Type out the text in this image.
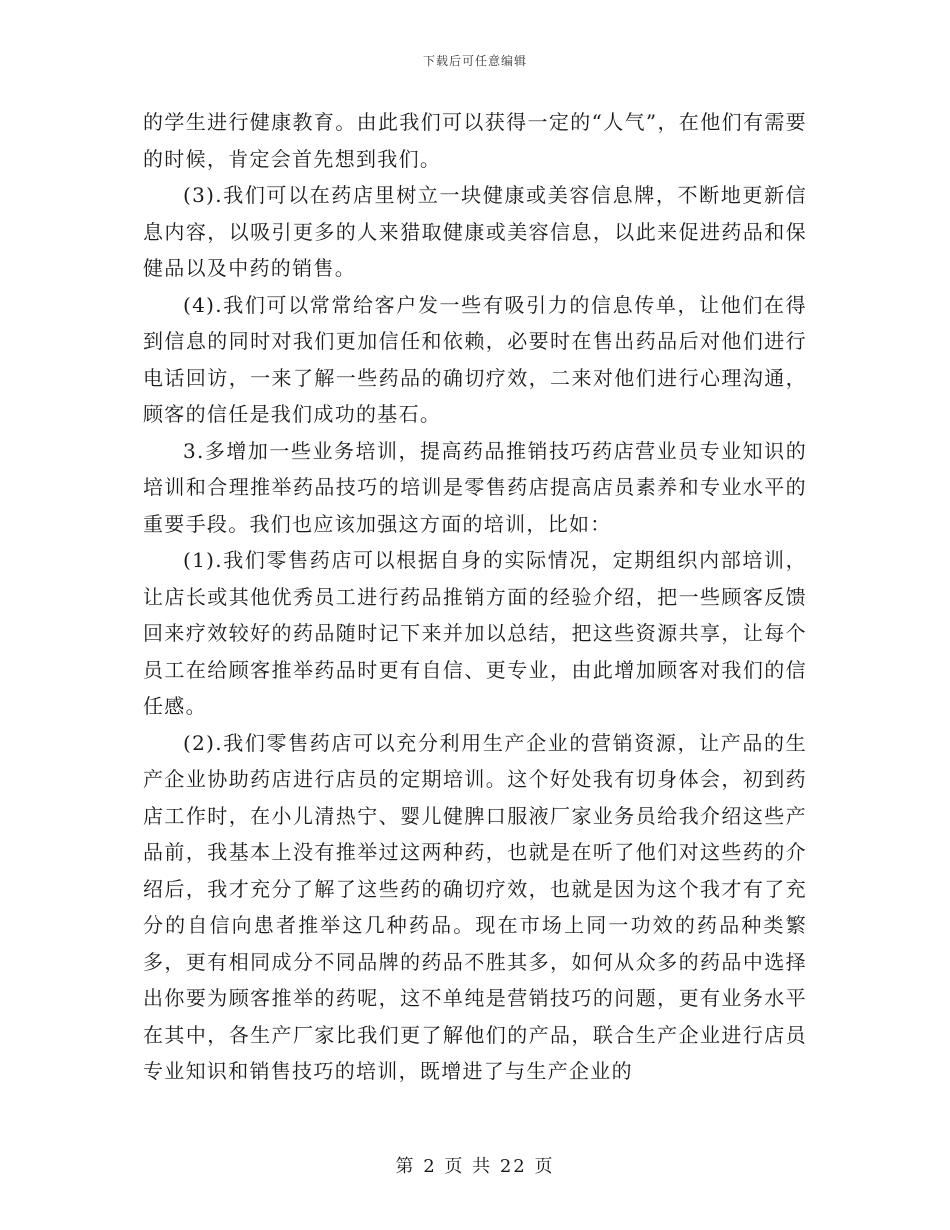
下载后可任意编辑

的学生进行健康教育。由此我们可以获得一定的“人气”，在他们有需要的时候，肯定会首先想到我们。

(3).我们可以在药店里树立一块健康或美容信息牌，不断地更新信息内容，以吸引更多的人来猎取健康或美容信息，以此来促进药品和保健品以及中药的销售。

(4).我们可以常常给客户发一些有吸引力的信息传单，让他们在得到信息的同时对我们更加信任和依赖，必要时在售出药品后对他们进行电话回访，一来了解一些药品的确切疗效，二来对他们进行心理沟通，顾客的信任是我们成功的基石。

3.多增加一些业务培训，提高药品推销技巧药店营业员专业知识的培训和合理推举药品技巧的培训是零售药店提高店员素养和专业水平的重要手段。我们也应该加强这方面的培训，比如：

(1).我们零售药店可以根据自身的实际情况，定期组织内部培训，让店长或其他优秀员工进行药品推销方面的经验介绍，把一些顾客反馈回来疗效较好的药品随时记下来并加以总结，把这些资源共享，让每个员工在给顾客推举药品时更有自信、更专业，由此增加顾客对我们的信任感。

(2).我们零售药店可以充分利用生产企业的营销资源，让产品的生产企业协助药店进行店员的定期培训。这个好处我有切身体会，初到药店工作时，在小儿清热宁、婴儿健脾口服液厂家业务员给我介绍这些产品前，我基本上没有推举过这两种药，也就是在听了他们对这些药的介绍后，我才充分了解了这些药的确切疗效，也就是因为这个我才有了充分的自信向患者推举这几种药品。现在市场上同一功效的药品种类繁多，更有相同成分不同品牌的药品不胜其多，如何从众多的药品中选择出你要为顾客推举的药呢，这不单纯是营销技巧的问题，更有业务水平在其中，各生产厂家比我们更了解他们的产品，联合生产企业进行店员专业知识和销售技巧的培训，既增进了与生产企业的

第 2 页 共 22 页
